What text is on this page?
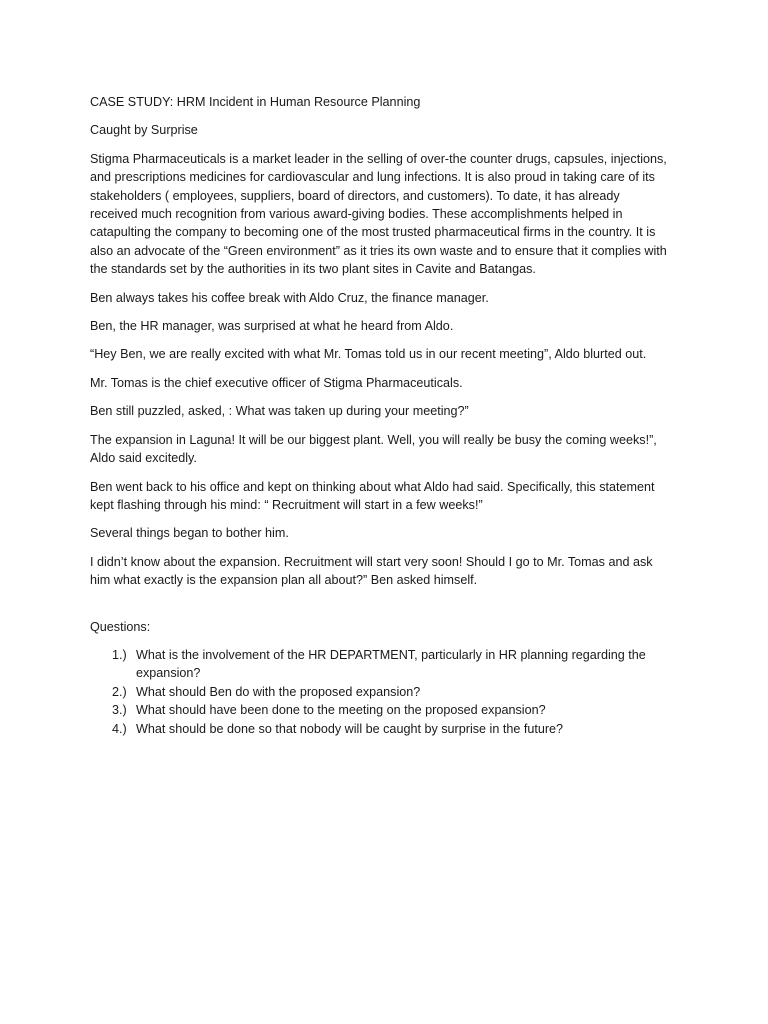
CASE STUDY: HRM Incident in Human Resource Planning
Caught by Surprise

Stigma Pharmaceuticals is a market leader in the selling of over-the counter drugs, capsules, injections, and prescriptions medicines for cardiovascular and lung infections. It is also proud in taking care of its stakeholders ( employees, suppliers, board of directors, and customers). To date, it has already received much recognition from various award-giving bodies. These accomplishments helped in catapulting the company to becoming one of the most trusted pharmaceutical firms in the country. It is also an advocate of the “Green environment” as it tries its own waste and to ensure that it complies with the standards set by the authorities in its two plant sites in Cavite and Batangas.

Ben always takes his coffee break with Aldo Cruz, the finance manager.

Ben, the HR manager, was surprised at what he heard from Aldo.

“Hey Ben, we are really excited with what Mr. Tomas told us in our recent meeting”, Aldo blurted out.

Mr. Tomas is the chief executive officer of Stigma Pharmaceuticals.

Ben still puzzled, asked, : What was taken up during your meeting?”

The expansion in Laguna! It will be our biggest plant. Well, you will really be busy the coming weeks!”, Aldo said excitedly.

Ben went back to his office and kept on thinking about what Aldo had said. Specifically, this statement kept flashing through his mind: “ Recruitment will start in a few weeks!”

Several things began to bother him.

I didn’t know about the expansion. Recruitment will start very soon! Should I go to Mr. Tomas and ask him what exactly is the expansion plan all about?” Ben asked himself.

Questions:
1.) What is the involvement of the HR DEPARTMENT, particularly in HR planning regarding the expansion?
2.) What should Ben do with the proposed expansion?
3.) What should have been done to the meeting on the proposed expansion?
4.) What should be done so that nobody will be caught by surprise in the future?
